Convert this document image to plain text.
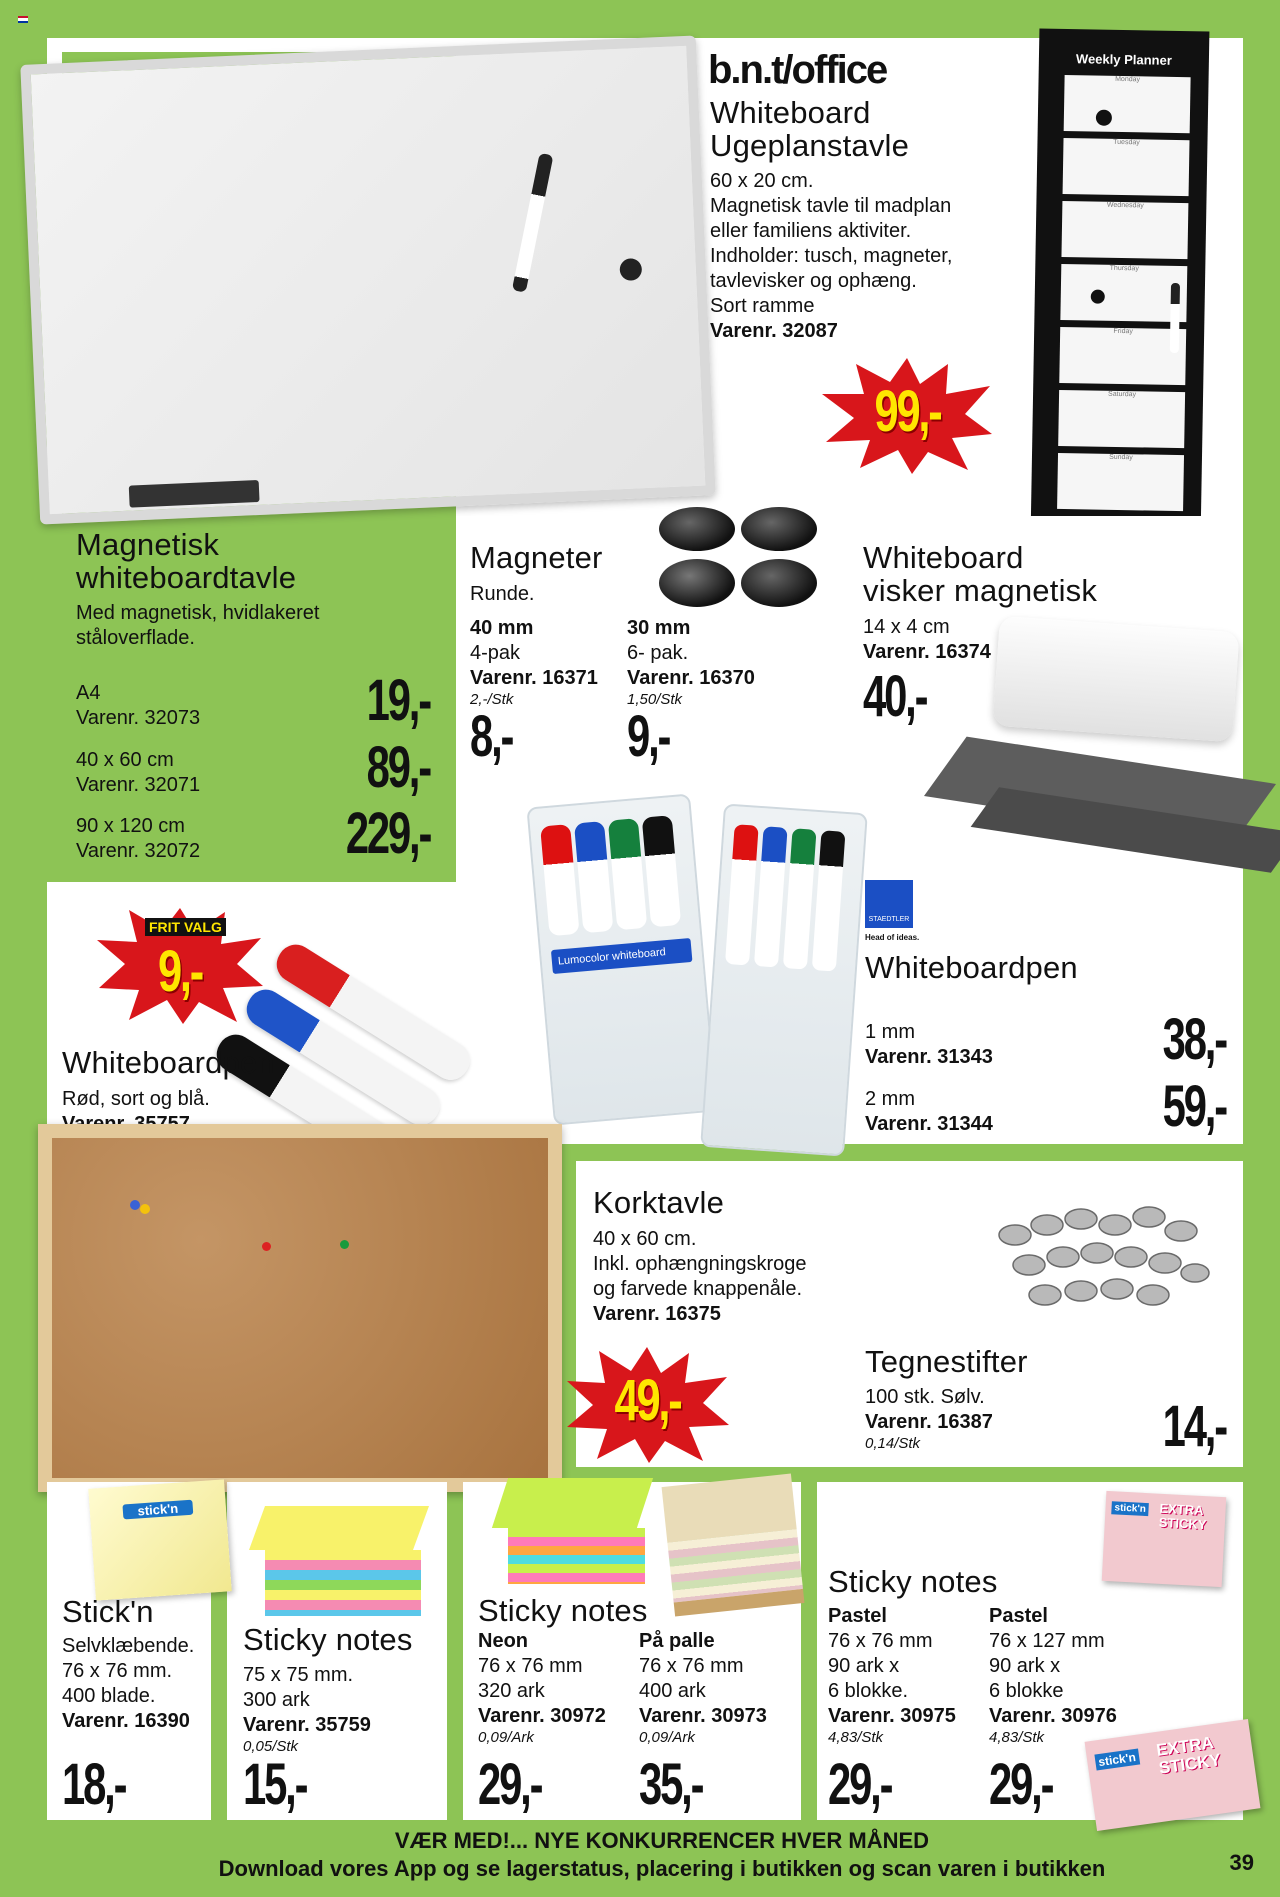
b.n.t/office
Whiteboard
Ugeplanstavle
60 x 20 cm.
Magnetisk tavle til madplan
eller familiens aktiviter.
Indholder: tusch, magneter,
tavlevisker og ophæng.
Sort ramme
Varenr. 32087
Weekly Planner
Monday
Tuesday
Wednesday
Thursday
Friday
Saturday
Sunday
99,-
Magnetisk
whiteboardtavle
Med magnetisk, hvidlakeret
ståloverflade.
A4
Varenr. 32073	19,-
40 x 60 cm
Varenr. 32071	89,-
90 x 120 cm
Varenr. 32072	229,-
Magneter
Runde.
40 mm
4-pak
Varenr. 16371
2,-/Stk
8,-
30 mm
6- pak.
Varenr. 16370
1,50/Stk
9,-
Whiteboard
visker magnetisk
14 x 4 cm
Varenr. 16374
40,-
FRIT VALG
9,-
Whiteboardpen
Rød, sort og blå.
Lumocolor whiteboard
STAEDTLER
Head of ideas.
Whiteboardpen
1 mm
Varenr. 31343	38,-
2 mm
Varenr. 31344	59,-
Korktavle
40 x 60 cm.
Inkl. ophængningskroge
og farvede knappenåle.
Varenr. 16375
49,-
Tegnestifter
100 stk. Sølv.
Varenr. 16387
0,14/Stk	14,-
stick'n
Stick'n
Selvklæbende.
76 x 76 mm.
400 blade.
Varenr. 16390
18,-
Sticky notes
75 x 75 mm.
300 ark
Varenr. 35759
0,05/Stk
15,-
Sticky notes
Neon
76 x 76 mm
320 ark
Varenr. 30972
0,09/Ark
29,-
På palle
76 x 76 mm
400 ark
Varenr. 30973
0,09/Ark
35,-
stick'n EXTRA STICKY
stick'n EXTRA STICKY
Sticky notes
Pastel
76 x 76 mm
90 ark x
6 blokke.
Varenr. 30975
4,83/Stk
29,-
Pastel
76 x 127 mm
90 ark x
6 blokke
Varenr. 30976
4,83/Stk
29,-
VÆR MED!... NYE KONKURRENCER HVER MÅNED
Download vores App og se lagerstatus, placering i butikken og scan varen i butikken	39
